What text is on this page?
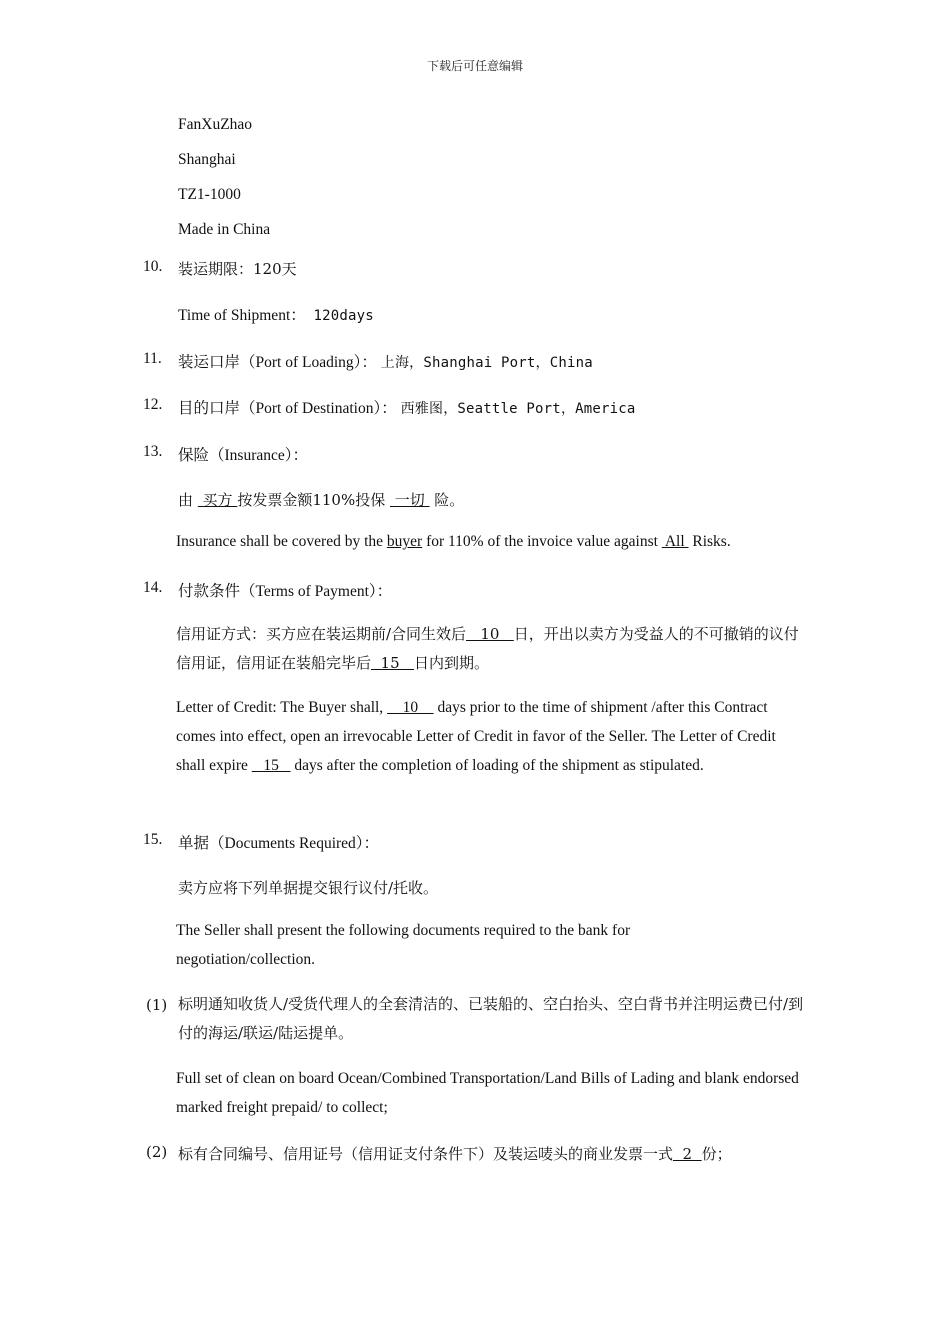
下载后可任意编辑
FanXuZhao
Shanghai
TZ1-1000
Made in China
10. 装运期限：120天
Time of Shipment： 120days
11. 装运口岸（Port of Loading）： 上海，Shanghai Port，China
12. 目的口岸（Port of Destination）： 西雅图，Seattle Port，America
13. 保险（Insurance）：
由  买方 按发票金额110%投保  一切  险。
Insurance shall be covered by the buyer for 110% of the invoice value against  All  Risks.
14. 付款条件（Terms of Payment）：
信用证方式：买方应在装运期前/合同生效后   10   日，开出以卖方为受益人的不可撤销的议付信用证，信用证在装船完毕后  15   日内到期。
Letter of Credit: The Buyer shall,     10     days prior to the time of shipment /after this Contract comes into effect, open an irrevocable Letter of Credit in favor of the Seller. The Letter of Credit shall expire    15    days after the completion of loading of the shipment as stipulated.
15. 单据（Documents Required）：
卖方应将下列单据提交银行议付/托收。
The Seller shall present the following documents required to the bank for negotiation/collection.
(1) 标明通知收货人/受货代理人的全套清洁的、已装船的、空白抬头、空白背书并注明运费已付/到付的海运/联运/陆运提单。
Full set of clean on board Ocean/Combined Transportation/Land Bills of Lading and blank endorsed marked freight prepaid/ to collect;
(2) 标有合同编号、信用证号（信用证支付条件下）及装运唛头的商业发票一式  2  份；
